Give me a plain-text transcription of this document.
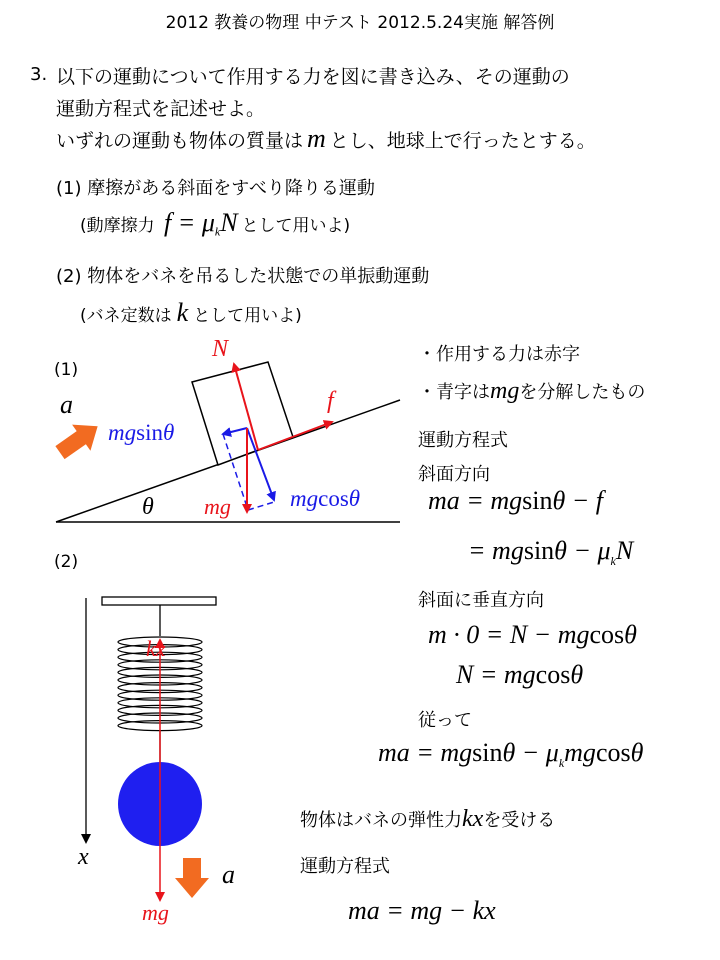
2012 教養の物理 中テスト 2012.5.24実施 解答例
3. 以下の運動について作用する力を図に書き込み、その運動の
運動方程式を記述せよ。
いずれの運動も物体の質量は m とし、地球上で行ったとする。
(1) 摩擦がある斜面をすべり降りる運動
(動摩擦力 $f = \mu_kN$ として用いよ)
(2) 物体をバネを吊るした状態での単振動運動
(バネ定数は k として用いよ)
・作用する力は赤字
・青字はmgを分解したもの
運動方程式
斜面方向
ma = mgsinθ − f
= $mgsin\theta - \mu_kN$
斜面に垂直方向
m · 0 = N − mgcosθ
N = mgcosθ
従って
ma = $mgsin\theta - \mu_kmgcos\theta$
物体はバネの弾性力kxを受ける
運動方程式
ma = mg − kx
(1)
a
N
f
mgsinθ
mgcosθ
mg
θ
(2)
kx
x
a
mg
